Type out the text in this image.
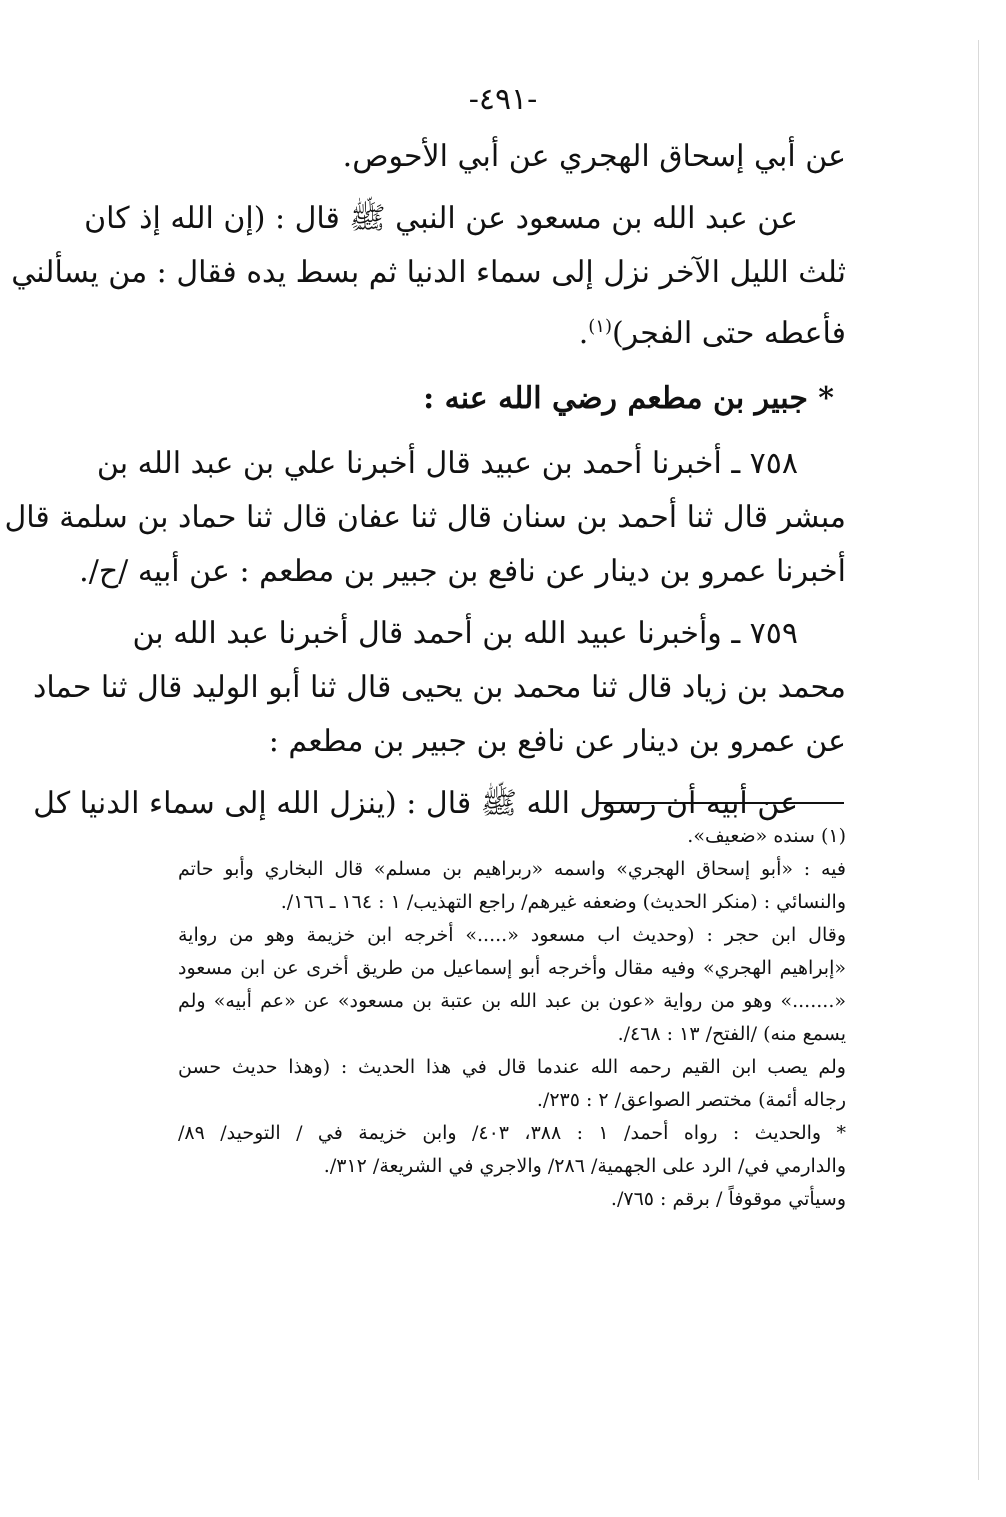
-٤٩١-
عن أبي إسحاق الهجري عن أبي الأحوص.
عن عبد الله بن مسعود عن النبي ﷺ قال : (إن الله إذ كان
ثلث الليل الآخر نزل إلى سماء الدنيا ثم بسط يده فقال : من يسألني
فأعطه حتى الفجر)$^{(١)}$.
* جبير بن مطعم رضي الله عنه :
٧٥٨ ـ أخبرنا أحمد بن عبيد قال أخبرنا علي بن عبد الله بن
مبشر قال ثنا أحمد بن سنان قال ثنا عفان قال ثنا حماد بن سلمة قال
أخبرنا عمرو بن دينار عن نافع بن جبير بن مطعم : عن أبيه /ح/.
٧٥٩ ـ وأخبرنا عبيد الله بن أحمد قال أخبرنا عبد الله بن
محمد بن زياد قال ثنا محمد بن يحيى قال ثنا أبو الوليد قال ثنا حماد
عن عمرو بن دينار عن نافع بن جبير بن مطعم :
عن أبيه أن رسول الله ﷺ قال : (ينزل الله إلى سماء الدنيا كل
(١) سنده «ضعيف».
فيه : «أبو إسحاق الهجري» واسمه «ربراهيم بن مسلم» قال البخاري وأبو حاتم
والنسائي : (منكر الحديث) وضعفه غيرهم/ راجع التهذيب/ ١ : ١٦٤ ـ ١٦٦/.
وقال ابن حجر : (وحديث اب مسعود «.....» أخرجه ابن خزيمة وهو من رواية
«إبراهيم الهجري» وفيه مقال وأخرجه أبو إسماعيل من طريق أخرى عن ابن مسعود
«.......» وهو من رواية «عون بن عبد الله بن عتبة بن مسعود» عن «عم أبيه» ولم
يسمع منه) /الفتح/ ١٣ : ٤٦٨/.
ولم يصب ابن القيم رحمه الله عندما قال في هذا الحديث : (وهذا حديث حسن
رجاله أئمة) مختصر الصواعق/ ٢ : ٢٣٥/.
* والحديث : رواه أحمد/ ١ : ٣٨٨، ٤٠٣/ وابن خزيمة في / التوحيد/ ٨٩/
والدارمي في/ الرد على الجهمية/ ٢٨٦/ والاجري في الشريعة/ ٣١٢/.
وسيأتي موقوفاً / برقم : ٧٦٥/.
